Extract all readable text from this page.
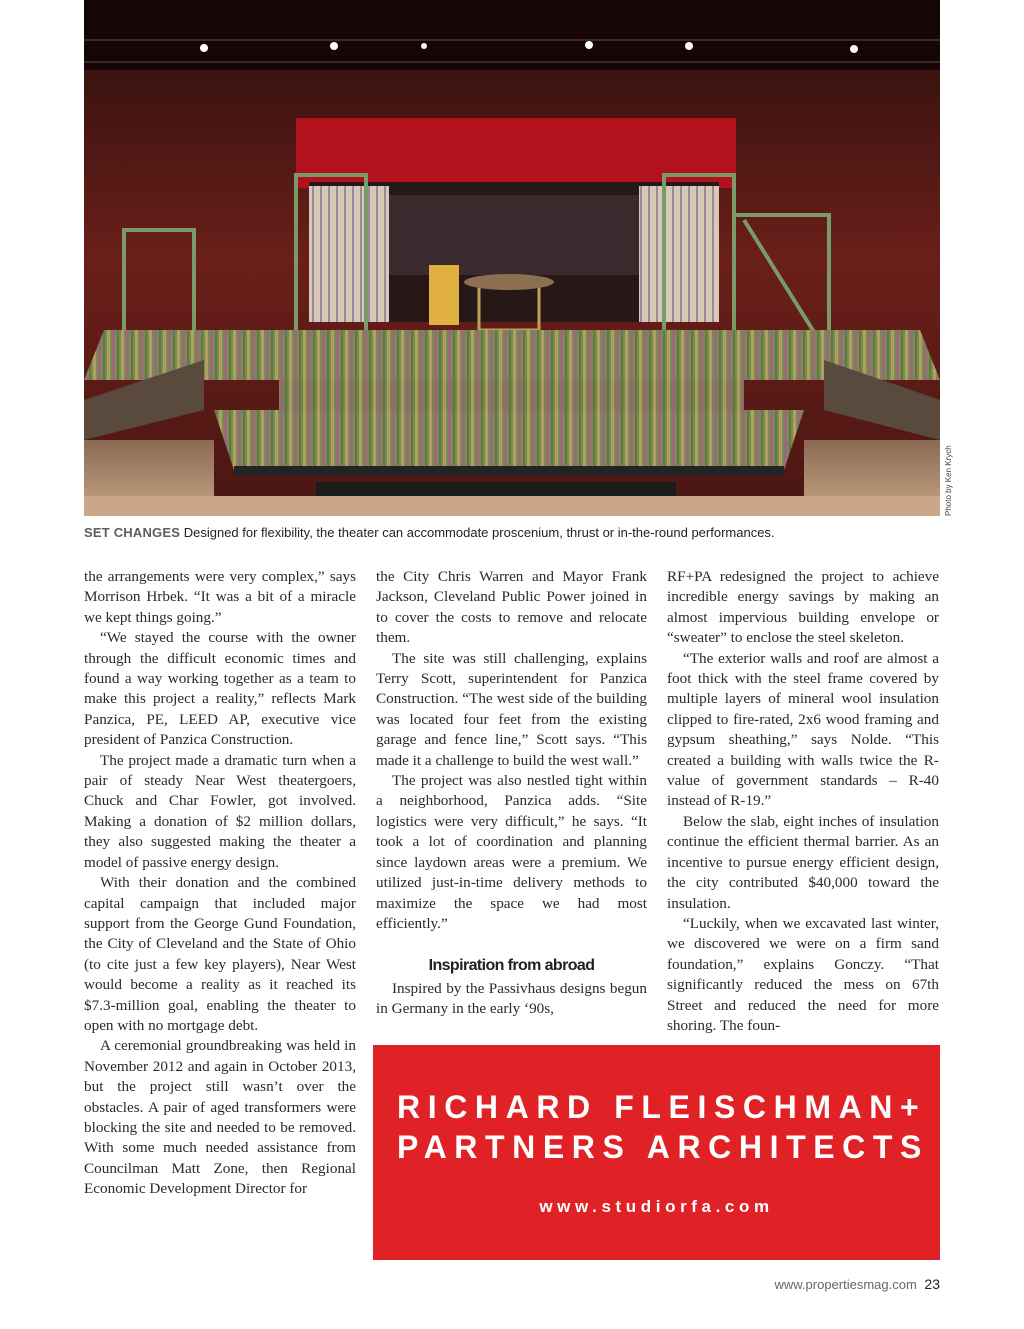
Photo by Ken Krych
SET CHANGES Designed for flexibility, the theater can accommodate proscenium, thrust or in-the-round performances.

the arrangements were very complex,” says Morrison Hrbek. “It was a bit of a miracle we kept things going.”

“We stayed the course with the owner through the difficult economic times and found a way working together as a team to make this project a reality,” reflects Mark Panzica, PE, LEED AP, executive vice president of Panzica Construction.

The project made a dramatic turn when a pair of steady Near West theatergoers, Chuck and Char Fowler, got involved. Making a donation of $2 million dollars, they also suggested making the theater a model of passive energy design.

With their donation and the combined capital campaign that included major support from the George Gund Foundation, the City of Cleveland and the State of Ohio (to cite just a few key players), Near West would become a reality as it reached its $7.3-million goal, enabling the theater to open with no mortgage debt.

A ceremonial groundbreaking was held in November 2012 and again in October 2013, but the project still wasn’t over the obstacles. A pair of aged transformers were blocking the site and needed to be removed. With some much needed assistance from Councilman Matt Zone, then Regional Economic Development Director for

the City Chris Warren and Mayor Frank Jackson, Cleveland Public Power joined in to cover the costs to remove and relocate them.

The site was still challenging, explains Terry Scott, superintendent for Panzica Construction. “The west side of the building was located four feet from the existing garage and fence line,” Scott says. “This made it a challenge to build the west wall.”

The project was also nestled tight within a neighborhood, Panzica adds. “Site logistics were very difficult,” he says. “It took a lot of coordination and planning since laydown areas were a premium. We utilized just-in-time delivery methods to maximize the space we had most efficiently.”

Inspiration from abroad

Inspired by the Passivhaus designs begun in Germany in the early ‘90s,

RF+PA redesigned the project to achieve incredible energy savings by making an almost impervious building envelope or “sweater” to enclose the steel skeleton.

“The exterior walls and roof are almost a foot thick with the steel frame covered by multiple layers of mineral wool insulation clipped to fire-rated, 2x6 wood framing and gypsum sheathing,” says Nolde. “This created a building with walls twice the R-value of government standards – R-40 instead of R-19.”

Below the slab, eight inches of insulation continue the efficient thermal barrier. As an incentive to pursue energy efficient design, the city contributed $40,000 toward the insulation.

“Luckily, when we excavated last winter, we discovered we were on a firm sand foundation,” explains Gonczy. “That significantly reduced the mess on 67th Street and reduced the need for more shoring. The foun-

RICHARD FLEISCHMAN+
PARTNERS ARCHITECTS
www.studiorfa.com
www.propertiesmag.com 23
